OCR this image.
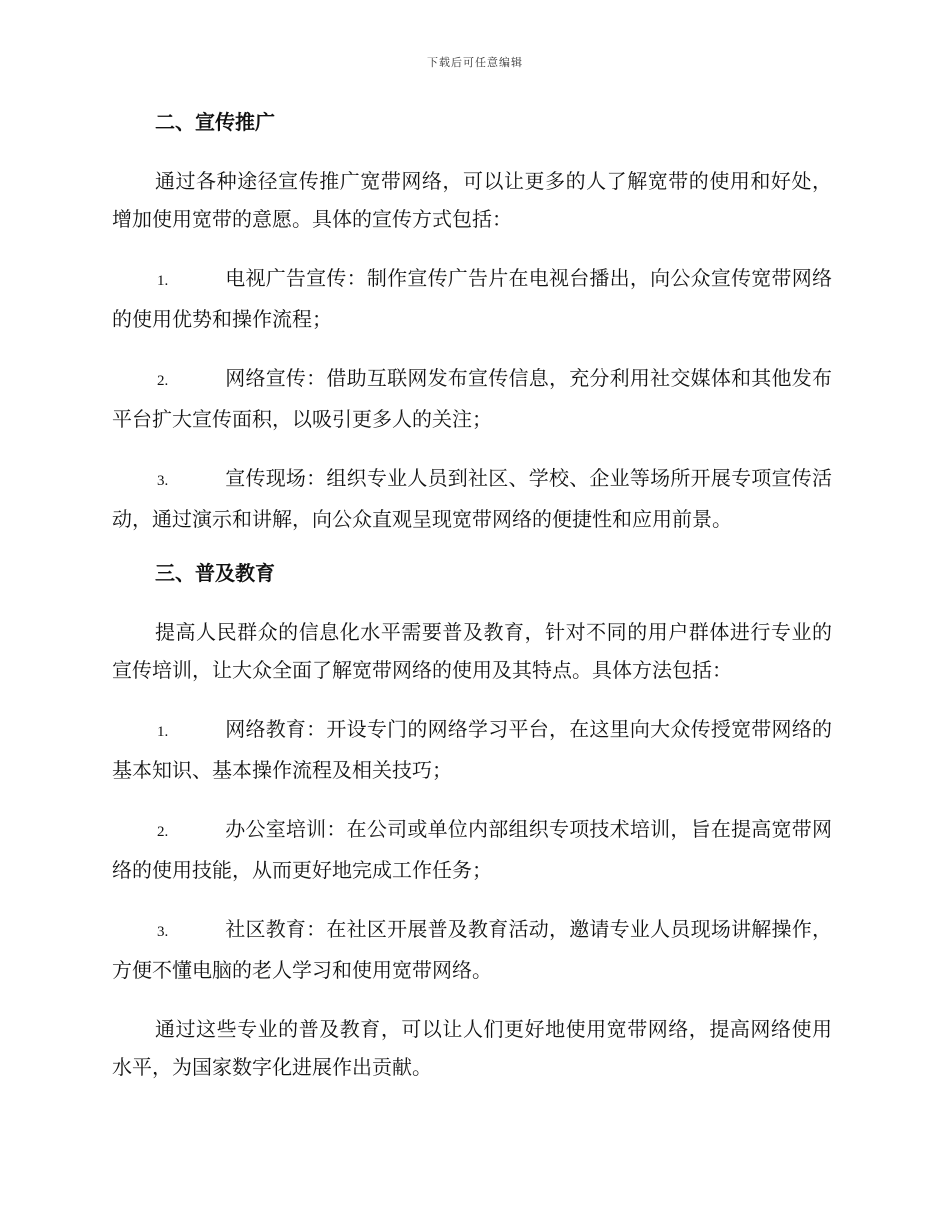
下载后可任意编辑
二、宣传推广

通过各种途径宣传推广宽带网络，可以让更多的人了解宽带的使用和好处，增加使用宽带的意愿。具体的宣传方式包括：

1.	电视广告宣传：制作宣传广告片在电视台播出，向公众宣传宽带网络的使用优势和操作流程；

2.	网络宣传：借助互联网发布宣传信息，充分利用社交媒体和其他发布平台扩大宣传面积，以吸引更多人的关注；

3.	宣传现场：组织专业人员到社区、学校、企业等场所开展专项宣传活动，通过演示和讲解，向公众直观呈现宽带网络的便捷性和应用前景。

三、普及教育

提高人民群众的信息化水平需要普及教育，针对不同的用户群体进行专业的宣传培训，让大众全面了解宽带网络的使用及其特点。具体方法包括：

1.	网络教育：开设专门的网络学习平台，在这里向大众传授宽带网络的基本知识、基本操作流程及相关技巧；

2.	办公室培训：在公司或单位内部组织专项技术培训，旨在提高宽带网络的使用技能，从而更好地完成工作任务；

3.	社区教育：在社区开展普及教育活动，邀请专业人员现场讲解操作，方便不懂电脑的老人学习和使用宽带网络。

通过这些专业的普及教育，可以让人们更好地使用宽带网络，提高网络使用水平，为国家数字化进展作出贡献。
